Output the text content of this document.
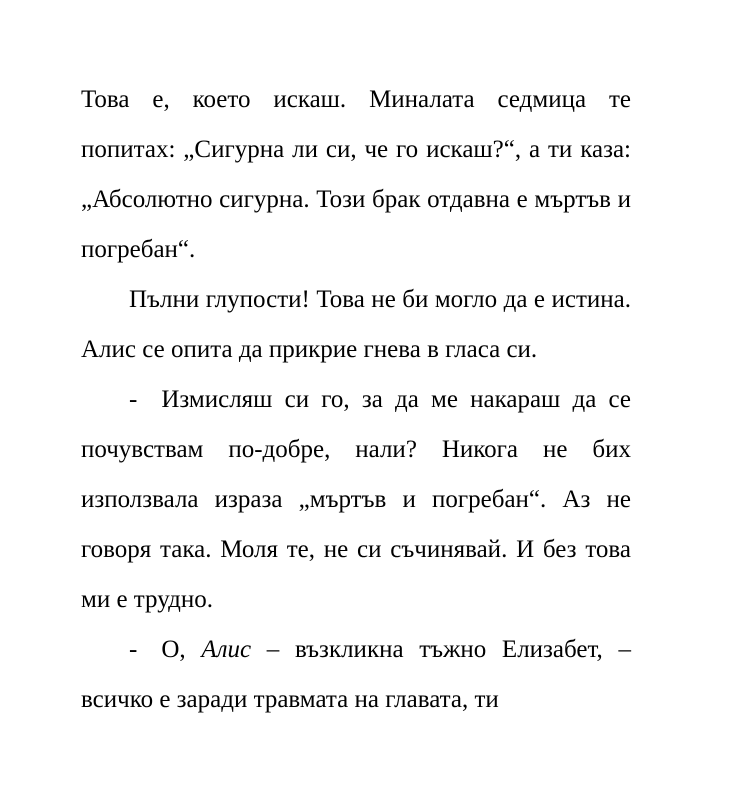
Това е, което искаш. Миналата седмица те попитах: „Сигурна ли си, че го искаш?“, а ти каза: „Абсолютно сигурна. Този брак отдавна е мъртъв и погребан“.

Пълни глупости! Това не би могло да е истина. Алис се опита да прикрие гнева в гласа си.

- Измисляш си го, за да ме накараш да се почувствам по-добре, нали? Никога не бих използвала израза „мъртъв и погребан“. Аз не говоря така. Моля те, не си съчинявай. И без това ми е трудно.

- О, Алис – възкликна тъжно Елизабет, – всичко е заради травмата на главата, ти
